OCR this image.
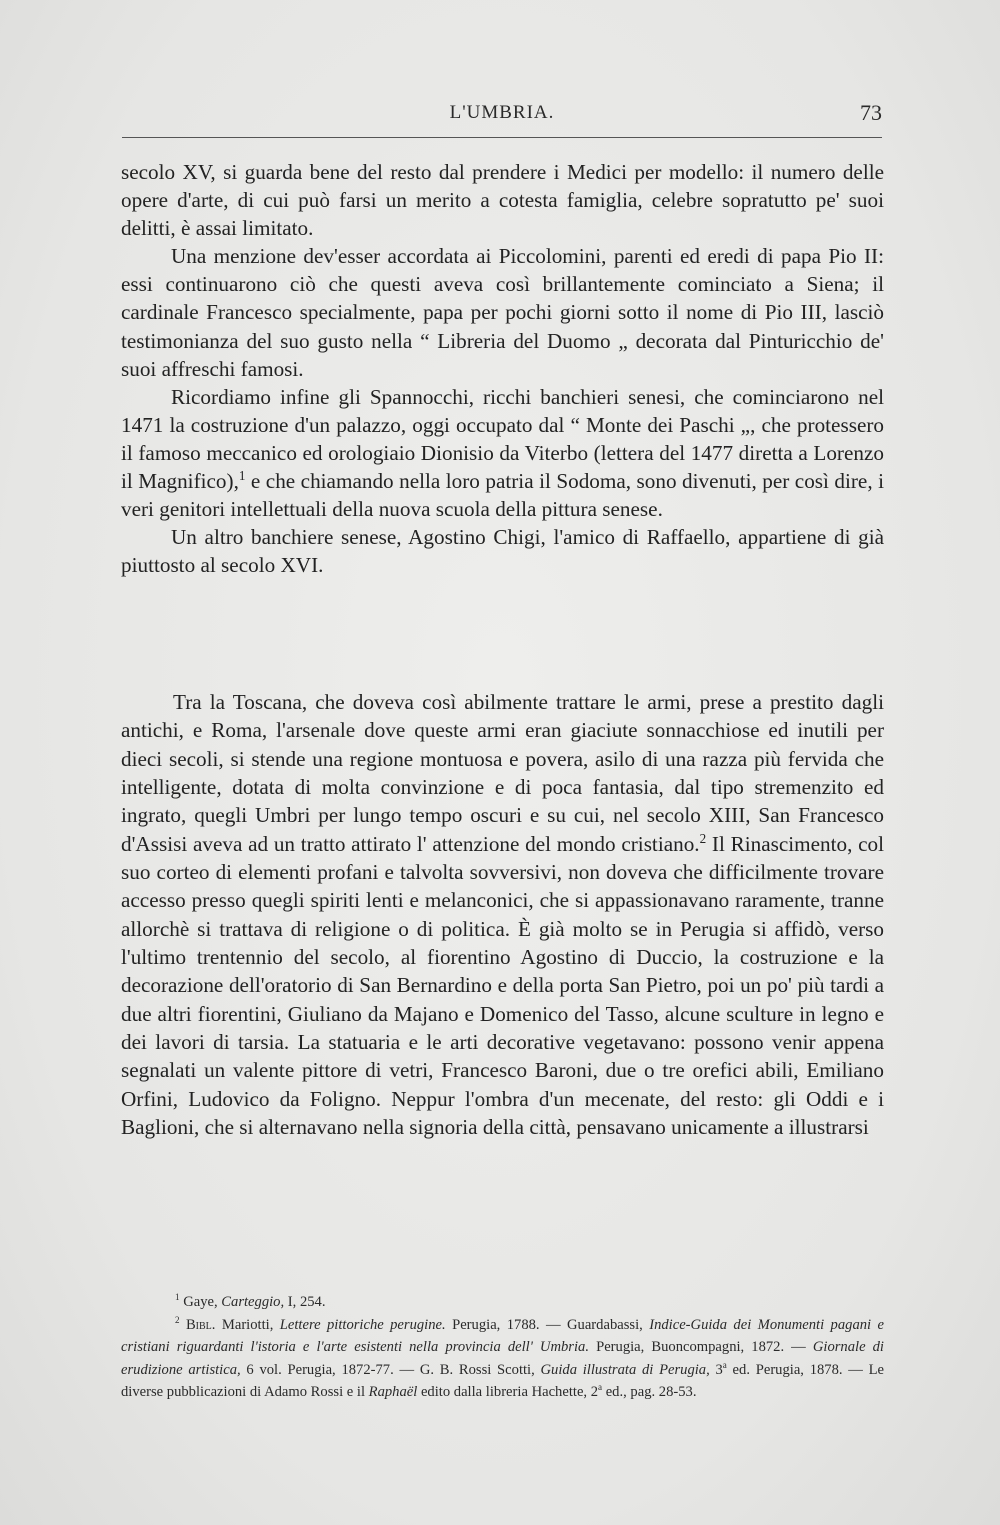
L'UMBRIA.	73

secolo XV, si guarda bene del resto dal prendere i Medici per modello: il numero delle opere d'arte, di cui può farsi un merito a cotesta famiglia, celebre sopratutto pe' suoi delitti, è assai limitato.

Una menzione dev'esser accordata ai Piccolomini, parenti ed eredi di papa Pio II: essi continuarono ciò che questi aveva così brillantemente cominciato a Siena; il cardinale Francesco specialmente, papa per pochi giorni sotto il nome di Pio III, lasciò testimonianza del suo gusto nella “ Libreria del Duomo „ decorata dal Pinturicchio de' suoi affreschi famosi.

Ricordiamo infine gli Spannocchi, ricchi banchieri senesi, che cominciarono nel 1471 la costruzione d'un palazzo, oggi occupato dal “ Monte dei Paschi „, che protessero il famoso meccanico ed orologiaio Dionisio da Viterbo (lettera del 1477 diretta a Lorenzo il Magnifico),$^1$ e che chiamando nella loro patria il Sodoma, sono divenuti, per così dire, i veri genitori intellettuali della nuova scuola della pittura senese.

Un altro banchiere senese, Agostino Chigi, l'amico di Raffaello, appartiene di già piuttosto al secolo XVI.

Tra la Toscana, che doveva così abilmente trattare le armi, prese a prestito dagli antichi, e Roma, l'arsenale dove queste armi eran giaciute sonnacchiose ed inutili per dieci secoli, si stende una regione montuosa e povera, asilo di una razza più fervida che intelligente, dotata di molta convinzione e di poca fantasia, dal tipo stremenzito ed ingrato, quegli Umbri per lungo tempo oscuri e su cui, nel secolo XIII, San Francesco d'Assisi aveva ad un tratto attirato l' attenzione del mondo cristiano.$^2$ Il Rinascimento, col suo corteo di elementi profani e talvolta sovversivi, non doveva che difficilmente trovare accesso presso quegli spiriti lenti e melanconici, che si appassionavano raramente, tranne allorchè si trattava di religione o di politica. È già molto se in Perugia si affidò, verso l'ultimo trentennio del secolo, al fiorentino Agostino di Duccio, la costruzione e la decorazione dell'oratorio di San Bernardino e della porta San Pietro, poi un po' più tardi a due altri fiorentini, Giuliano da Majano e Domenico del Tasso, alcune sculture in legno e dei lavori di tarsia. La statuaria e le arti decorative vegetavano: possono venir appena segnalati un valente pittore di vetri, Francesco Baroni, due o tre orefici abili, Emiliano Orfini, Ludovico da Foligno. Neppur l'ombra d'un mecenate, del resto: gli Oddi e i Baglioni, che si alternavano nella signoria della città, pensavano unicamente a illustrarsi

$^1$ Gaye, Carteggio, I, 254.

$^2$ Bibl. Mariotti, Lettere pittoriche perugine. Perugia, 1788. — Guardabassi, Indice-Guida dei Monumenti pagani e cristiani riguardanti l'istoria e l'arte esistenti nella provincia dell' Umbria. Perugia, Buoncompagni, 1872. — Giornale di erudizione artistica, 6 vol. Perugia, 1872-77. — G. B. Rossi Scotti, Guida illustrata di Perugia, 3$^a$ ed. Perugia, 1878. — Le diverse pubblicazioni di Adamo Rossi e il Raphaël edito dalla libreria Hachette, 2$^a$ ed., pag. 28-53.
